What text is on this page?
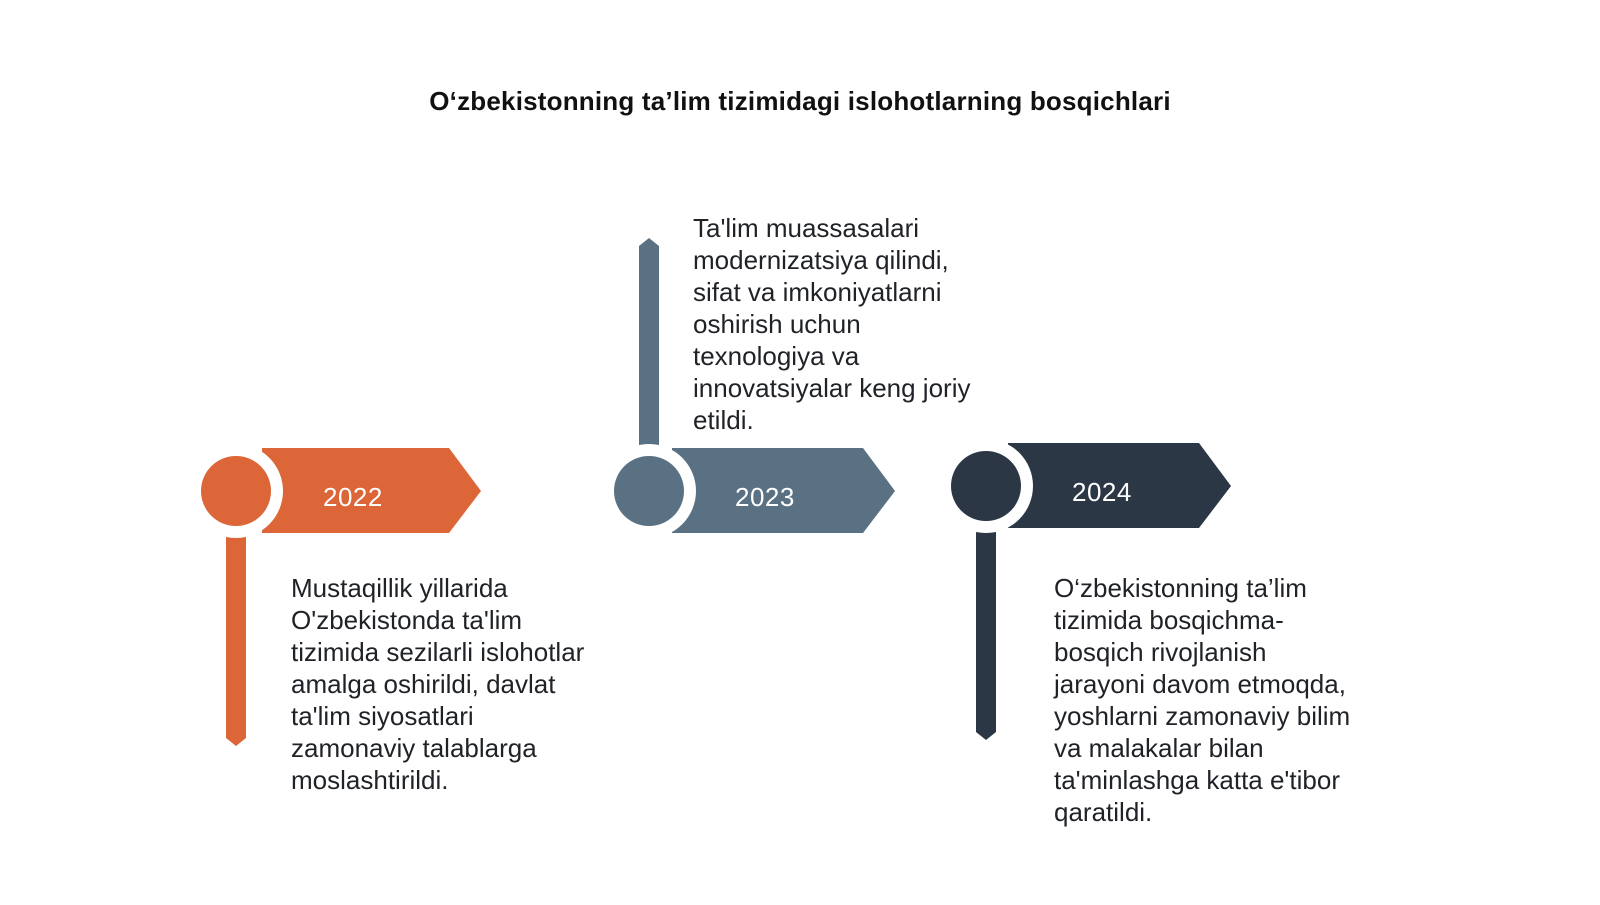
O‘zbekistonning ta’lim tizimidagi islohotlarning bosqichlari
2022	2023	2024
Mustaqillik yillarida
O'zbekistonda ta'lim
tizimida sezilarli islohotlar
amalga oshirildi, davlat
ta'lim siyosatlari
zamonaviy talablarga
moslashtirildi.
Ta'lim muassasalari
modernizatsiya qilindi,
sifat va imkoniyatlarni
oshirish uchun
texnologiya va
innovatsiyalar keng joriy
etildi.
O‘zbekistonning ta’lim
tizimida bosqichma-
bosqich rivojlanish
jarayoni davom etmoqda,
yoshlarni zamonaviy bilim
va malakalar bilan
ta'minlashga katta e'tibor
qaratildi.
